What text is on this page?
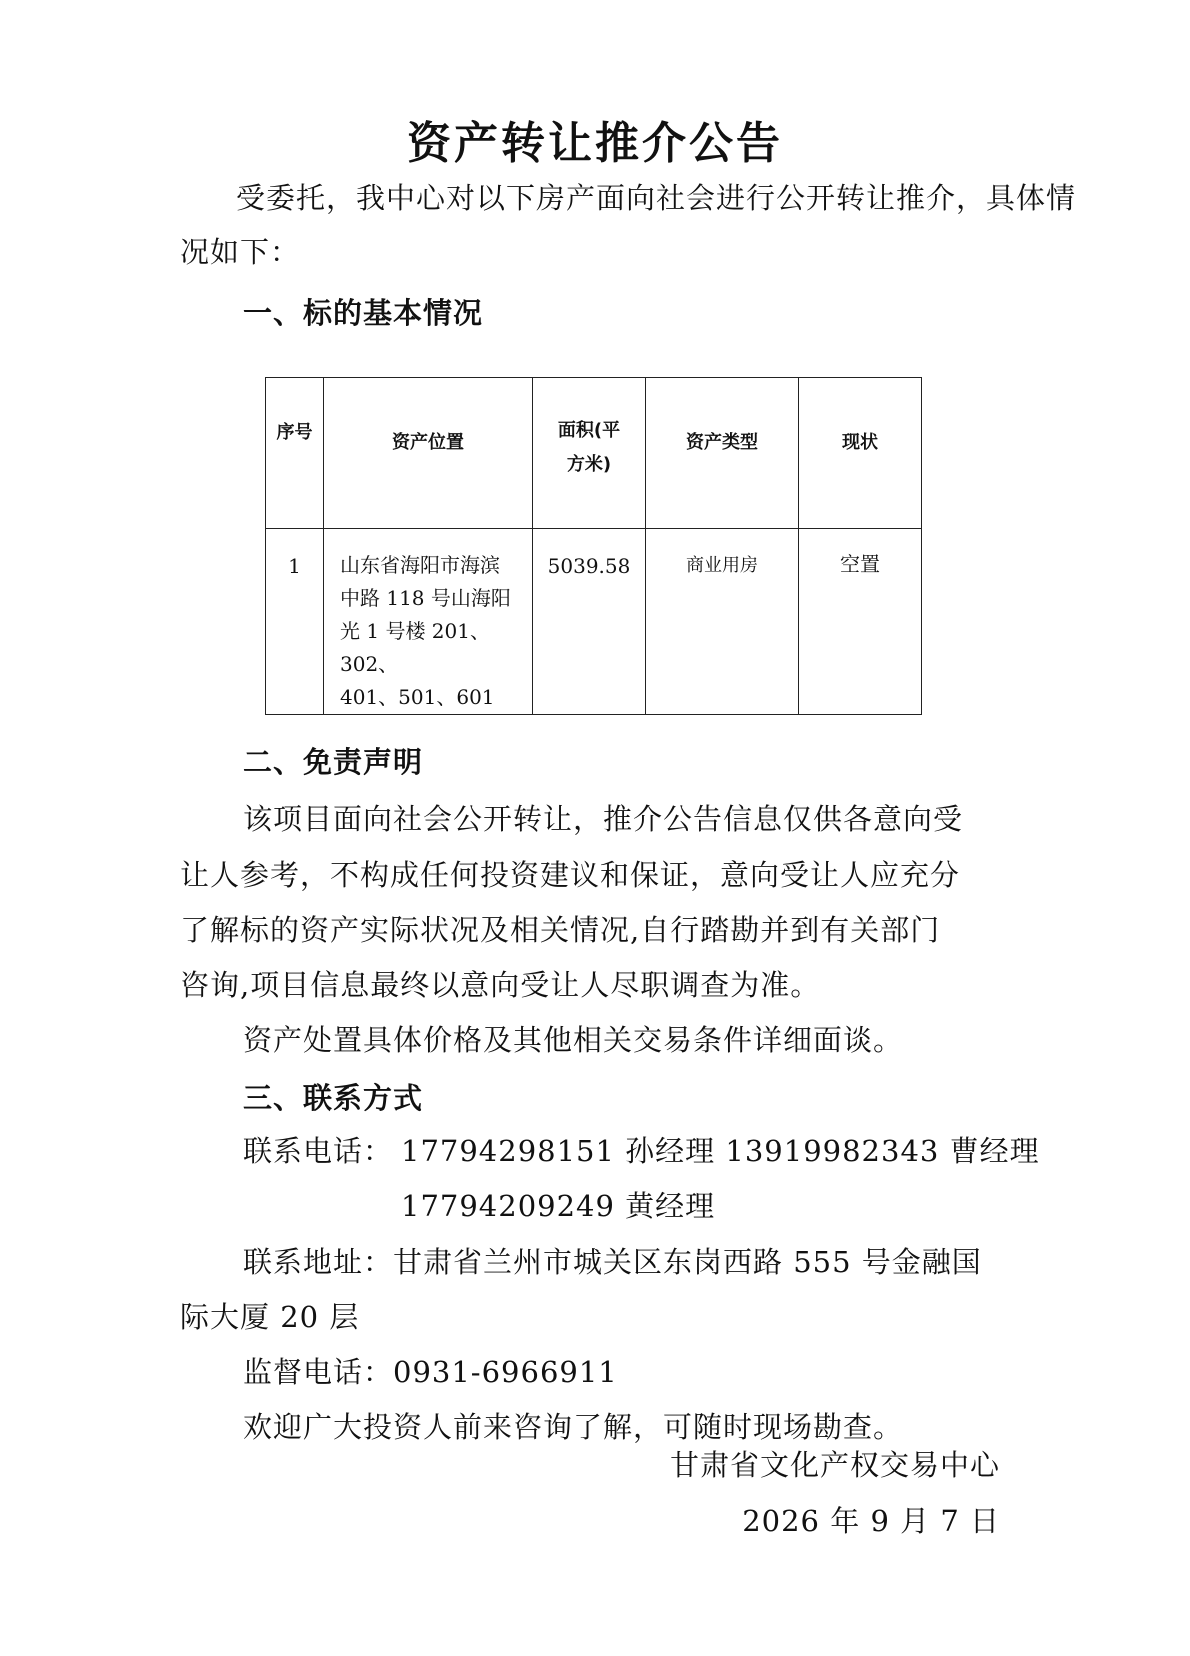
资产转让推介公告
受委托，我中心对以下房产面向社会进行公开转让推介，具体情
况如下：
一、标的基本情况
序号	资产位置	面积(平
方米)	资产类型	现状

1	山东省海阳市海滨
中路 118 号山海阳
光 1 号楼 201、302、
401、501、601	5039.58	商业用房	空置
二、免责声明
该项目面向社会公开转让，推介公告信息仅供各意向受
让人参考，不构成任何投资建议和保证，意向受让人应充分
了解标的资产实际状况及相关情况,自行踏勘并到有关部门
咨询,项目信息最终以意向受让人尽职调查为准。
资产处置具体价格及其他相关交易条件详细面谈。
三、联系方式
联系电话： 17794298151 孙经理 13919982343 曹经理
17794209249 黄经理
联系地址：甘肃省兰州市城关区东岗西路 555 号金融国
际大厦 20 层
监督电话：0931-6966911
欢迎广大投资人前来咨询了解，可随时现场勘查。
甘肃省文化产权交易中心
2026 年 9 月 7 日
